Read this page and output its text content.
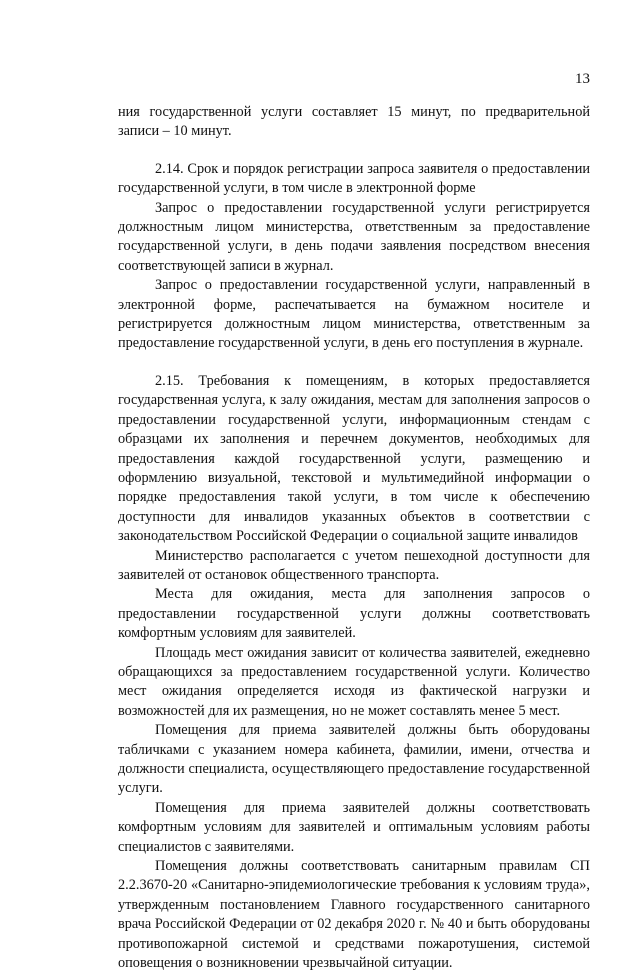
13

ния государственной услуги составляет 15 минут, по предварительной записи – 10 минут.

2.14. Срок и порядок регистрации запроса заявителя о предоставлении государственной услуги, в том числе в электронной форме

Запрос о предоставлении государственной услуги регистрируется должностным лицом министерства, ответственным за предоставление государственной услуги, в день подачи заявления посредством внесения соответствующей записи в журнал.

Запрос о предоставлении государственной услуги, направленный в электронной форме, распечатывается на бумажном носителе и регистрируется должностным лицом министерства, ответственным за предоставление государственной услуги, в день его поступления в журнале.

2.15. Требования к помещениям, в которых предоставляется государственная услуга, к залу ожидания, местам для заполнения запросов о предоставлении государственной услуги, информационным стендам с образцами их заполнения и перечнем документов, необходимых для предоставления каждой государственной услуги, размещению и оформлению визуальной, текстовой и мультимедийной информации о порядке предоставления такой услуги, в том числе к обеспечению доступности для инвалидов указанных объектов в соответствии с законодательством Российской Федерации о социальной защите инвалидов

Министерство располагается с учетом пешеходной доступности для заявителей от остановок общественного транспорта.

Места для ожидания, места для заполнения запросов о предоставлении государственной услуги должны соответствовать комфортным условиям для заявителей.

Площадь мест ожидания зависит от количества заявителей, ежедневно обращающихся за предоставлением государственной услуги. Количество мест ожидания определяется исходя из фактической нагрузки и возможностей для их размещения, но не может составлять менее 5 мест.

Помещения для приема заявителей должны быть оборудованы табличками с указанием номера кабинета, фамилии, имени, отчества и должности специалиста, осуществляющего предоставление государственной услуги.

Помещения для приема заявителей должны соответствовать комфортным условиям для заявителей и оптимальным условиям работы специалистов с заявителями.

Помещения должны соответствовать санитарным правилам СП 2.2.3670-20 «Санитарно-эпидемиологические требования к условиям труда», утвержденным постановлением Главного государственного санитарного врача Российской Федерации от 02 декабря 2020 г. № 40 и быть оборудованы противопожарной системой и средствами пожаротушения, системой оповещения о возникновении чрезвычайной ситуации.
